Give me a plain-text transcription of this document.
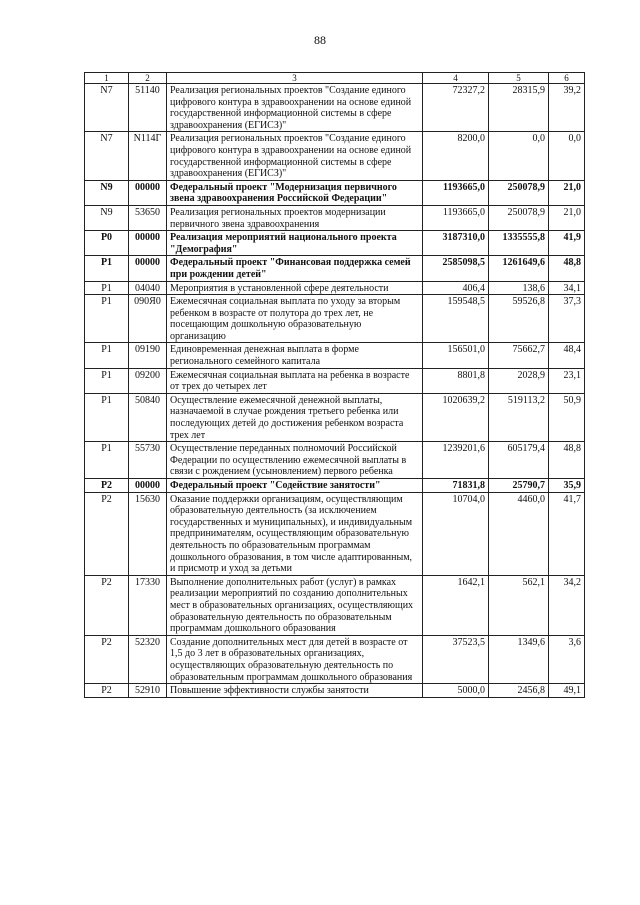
88
1	2	3	4	5	6
N7	51140	Реализация региональных проектов "Создание единого цифрового контура в здравоохранении на основе единой государственной информационной системы в сфере здравоохранения (ЕГИСЗ)"	72327,2	28315,9	39,2
N7	N114Г	Реализация региональных проектов "Создание единого цифрового контура в здравоохранении на основе единой государственной информационной системы в сфере здравоохранения (ЕГИСЗ)"	8200,0	0,0	0,0
N9	00000	Федеральный проект "Модернизация первичного звена здравоохранения Российской Федерации"	1193665,0	250078,9	21,0
N9	53650	Реализация региональных проектов модернизации первичного звена здравоохранения	1193665,0	250078,9	21,0
P0	00000	Реализация мероприятий национального проекта "Демография"	3187310,0	1335555,8	41,9
P1	00000	Федеральный проект "Финансовая поддержка семей при рождении детей"	2585098,5	1261649,6	48,8
P1	04040	Мероприятия в установленной сфере деятельности	406,4	138,6	34,1
P1	090Я0	Ежемесячная социальная выплата по уходу за вторым ребенком в возрасте от полутора до трех лет, не посещающим дошкольную образовательную организацию	159548,5	59526,8	37,3
P1	09190	Единовременная денежная выплата в форме регионального семейного капитала	156501,0	75662,7	48,4
P1	09200	Ежемесячная социальная выплата на ребенка в возрасте от трех до четырех лет	8801,8	2028,9	23,1
P1	50840	Осуществление ежемесячной денежной выплаты, назначаемой в случае рождения третьего ребенка или последующих детей до достижения ребенком возраста трех лет	1020639,2	519113,2	50,9
P1	55730	Осуществление переданных полномочий Российской Федерации по осуществлению ежемесячной выплаты в связи с рождением (усыновлением) первого ребенка	1239201,6	605179,4	48,8
P2	00000	Федеральный проект "Содействие занятости"	71831,8	25790,7	35,9
P2	15630	Оказание поддержки организациям, осуществляющим образовательную деятельность (за исключением государственных и муниципальных), и индивидуальным предпринимателям, осуществляющим образовательную деятельность по образовательным программам дошкольного образования, в том числе адаптированным, и присмотр и уход за детьми	10704,0	4460,0	41,7
P2	17330	Выполнение дополнительных работ (услуг) в рамках реализации мероприятий по созданию дополнительных мест в образовательных организациях, осуществляющих образовательную деятельность по образовательным программам дошкольного образования	1642,1	562,1	34,2
P2	52320	Создание дополнительных мест для детей в возрасте от 1,5 до 3 лет в образовательных организациях, осуществляющих образовательную деятельность по образовательным программам дошкольного образования	37523,5	1349,6	3,6
P2	52910	Повышение эффективности службы занятости	5000,0	2456,8	49,1
